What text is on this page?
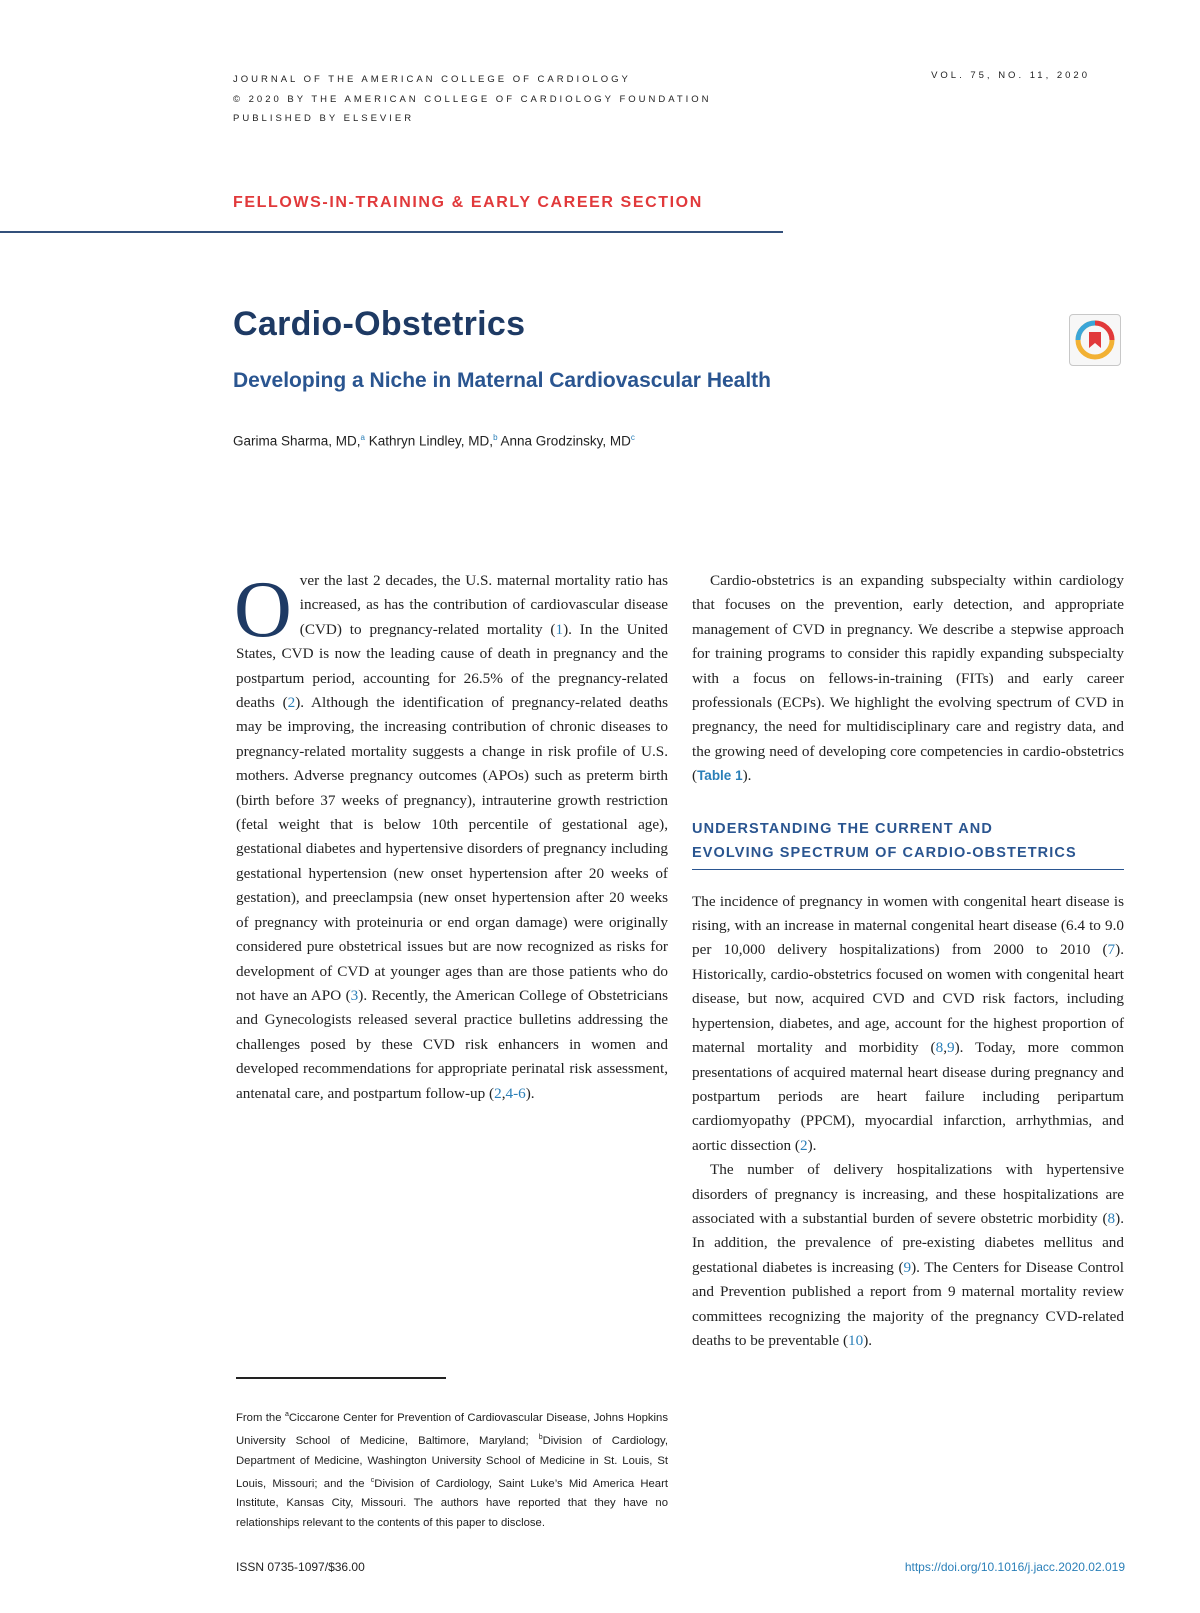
JOURNAL OF THE AMERICAN COLLEGE OF CARDIOLOGY
© 2020 BY THE AMERICAN COLLEGE OF CARDIOLOGY FOUNDATION
PUBLISHED BY ELSEVIER
VOL. 75, NO. 11, 2020
FELLOWS-IN-TRAINING & EARLY CAREER SECTION
Cardio-Obstetrics
Developing a Niche in Maternal Cardiovascular Health
Garima Sharma, MD,$^a$ Kathryn Lindley, MD,$^b$ Anna Grodzinsky, $MD^c$

Over the last 2 decades, the U.S. maternal mortality ratio has increased, as has the contribution of cardiovascular disease (CVD) to pregnancy-related mortality (1). In the United States, CVD is now the leading cause of death in pregnancy and the postpartum period, accounting for 26.5% of the pregnancy-related deaths (2). Although the identification of pregnancy-related deaths may be improving, the increasing contribution of chronic diseases to pregnancy-related mortality suggests a change in risk profile of U.S. mothers. Adverse pregnancy outcomes (APOs) such as preterm birth (birth before 37 weeks of pregnancy), intrauterine growth restriction (fetal weight that is below 10th percentile of gestational age), gestational diabetes and hypertensive disorders of pregnancy including gestational hypertension (new onset hypertension after 20 weeks of gestation), and preeclampsia (new onset hypertension after 20 weeks of pregnancy with proteinuria or end organ damage) were originally considered pure obstetrical issues but are now recognized as risks for development of CVD at younger ages than are those patients who do not have an APO (3). Recently, the American College of Obstetricians and Gynecologists released several practice bulletins addressing the challenges posed by these CVD risk enhancers in women and developed recommendations for appropriate perinatal risk assessment, antenatal care, and postpartum follow-up (2,4-6).

Cardio-obstetrics is an expanding subspecialty within cardiology that focuses on the prevention, early detection, and appropriate management of CVD in pregnancy. We describe a stepwise approach for training programs to consider this rapidly expanding subspecialty with a focus on fellows-in-training (FITs) and early career professionals (ECPs). We highlight the evolving spectrum of CVD in pregnancy, the need for multidisciplinary care and registry data, and the growing need of developing core competencies in cardio-obstetrics (Table 1).

UNDERSTANDING THE CURRENT AND
EVOLVING SPECTRUM OF CARDIO-OBSTETRICS

The incidence of pregnancy in women with congenital heart disease is rising, with an increase in maternal congenital heart disease (6.4 to 9.0 per 10,000 delivery hospitalizations) from 2000 to 2010 (7). Historically, cardio-obstetrics focused on women with congenital heart disease, but now, acquired CVD and CVD risk factors, including hypertension, diabetes, and age, account for the highest proportion of maternal mortality and morbidity (8,9). Today, more common presentations of acquired maternal heart disease during pregnancy and postpartum periods are heart failure including peripartum cardiomyopathy (PPCM), myocardial infarction, arrhythmias, and aortic dissection (2).

The number of delivery hospitalizations with hypertensive disorders of pregnancy is increasing, and these hospitalizations are associated with a substantial burden of severe obstetric morbidity (8). In addition, the prevalence of pre-existing diabetes mellitus and gestational diabetes is increasing (9). The Centers for Disease Control and Prevention published a report from 9 maternal mortality review committees recognizing the majority of the pregnancy CVD-related deaths to be preventable (10).

From the $^a$Ciccarone Center for Prevention of Cardiovascular Disease, Johns Hopkins University School of Medicine, Baltimore, Maryland; $^b$Division of Cardiology, Department of Medicine, Washington University School of Medicine in St. Louis, St Louis, Missouri; and the $^c$Division of Cardiology, Saint Luke’s Mid America Heart Institute, Kansas City, Missouri. The authors have reported that they have no relationships relevant to the contents of this paper to disclose.
ISSN 0735-1097/$36.00	https://doi.org/10.1016/j.jacc.2020.02.019
